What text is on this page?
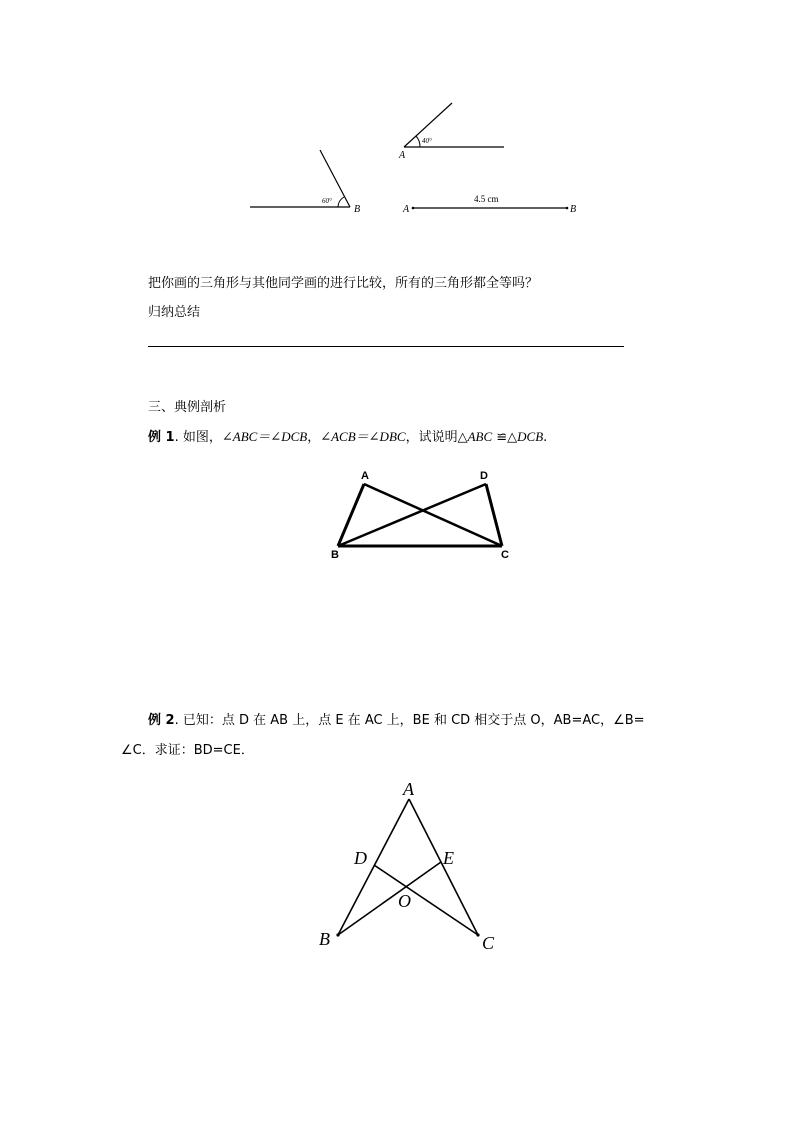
40°
A
60°
B	A	B
4.5 cm
把你画的三角形与其他同学画的进行比较，所有的三角形都全等吗？
归纳总结
三、典例剖析
例 1. 如图，∠ABC＝∠DCB，∠ACB＝∠DBC，试说明△ABC ≌△DCB.
A	D
B	C
例 2. 已知：点 D 在 AB 上，点 E 在 AC 上，BE 和 CD 相交于点 O，AB=AC，∠B=
∠C．求证：BD=CE．
A
D	E
O
B	C
